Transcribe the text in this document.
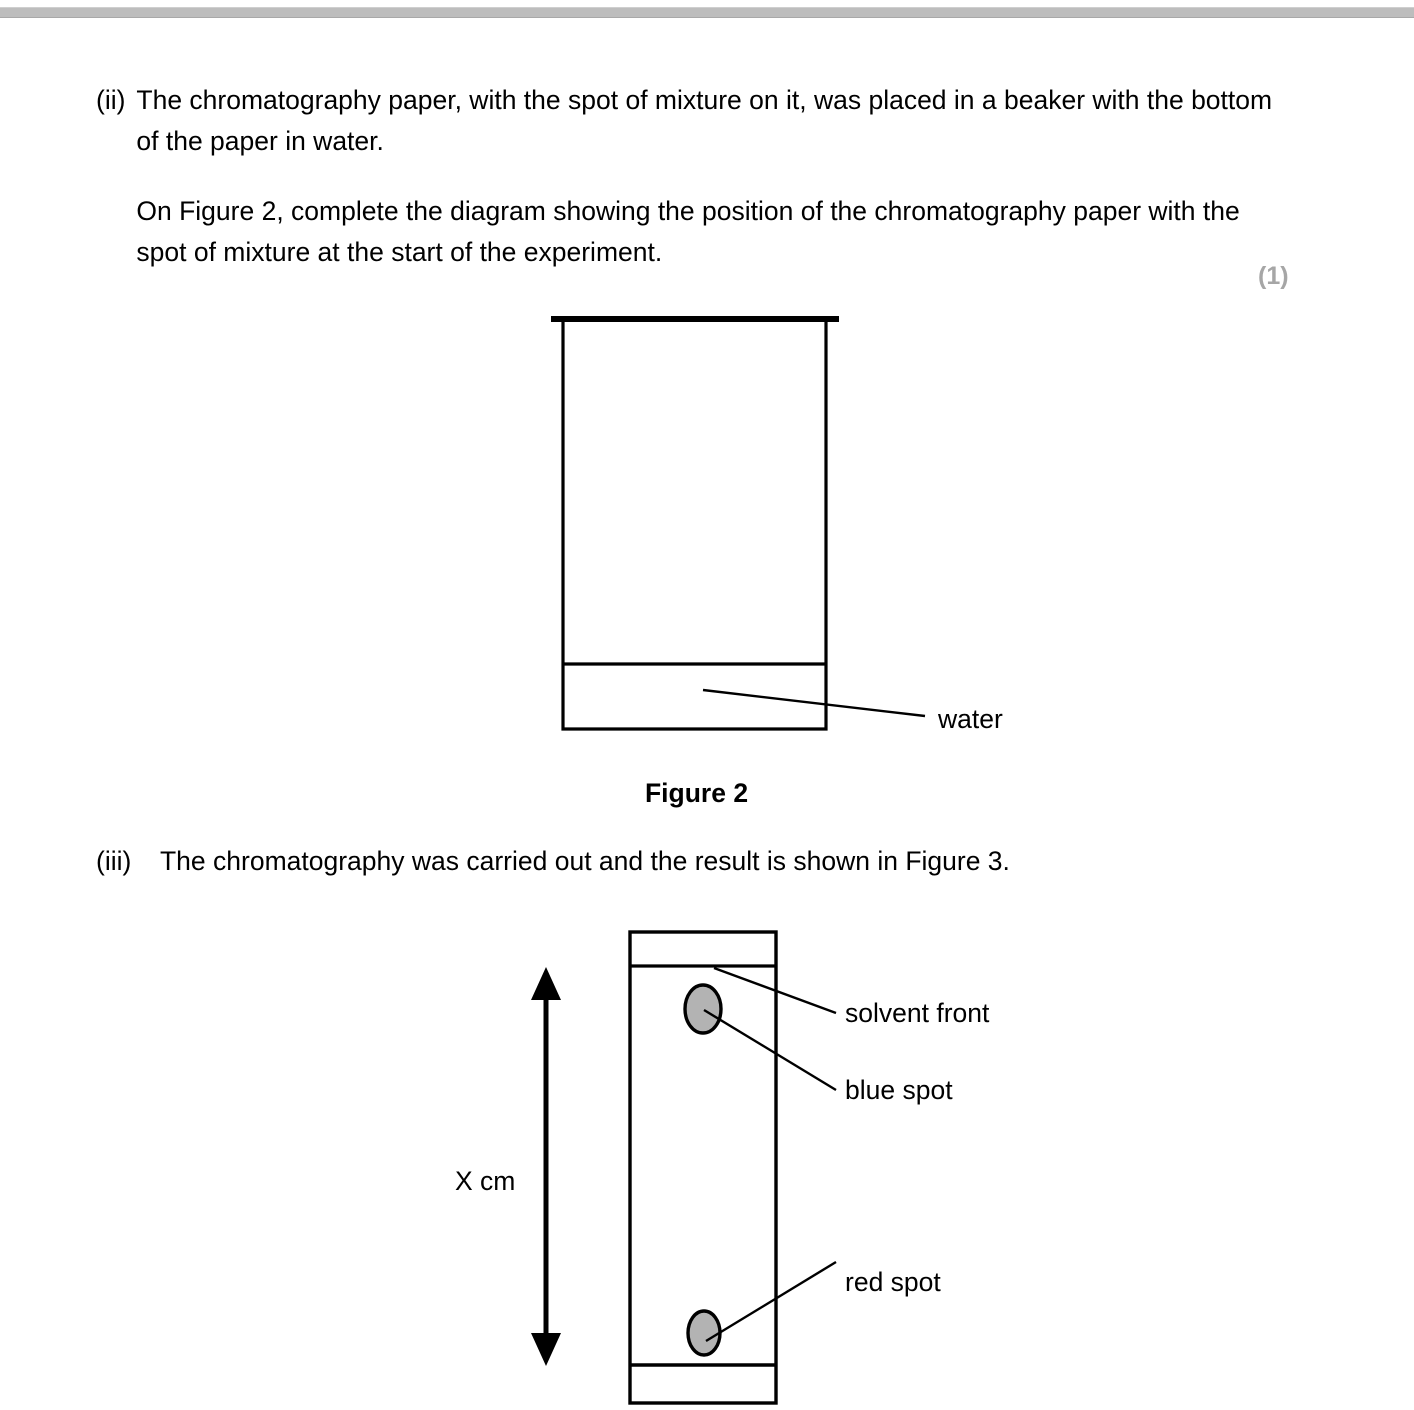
(ii) The chromatography paper, with the spot of mixture on it, was placed in a beaker with the bottom of the paper in water.

On Figure 2, complete the diagram showing the position of the chromatography paper with the spot of mixture at the start of the experiment.

(1)
Figure 2
(iii)	The chromatography was carried out and the result is shown in Figure 3.

water
solvent front
blue spot
red spot
X cm
